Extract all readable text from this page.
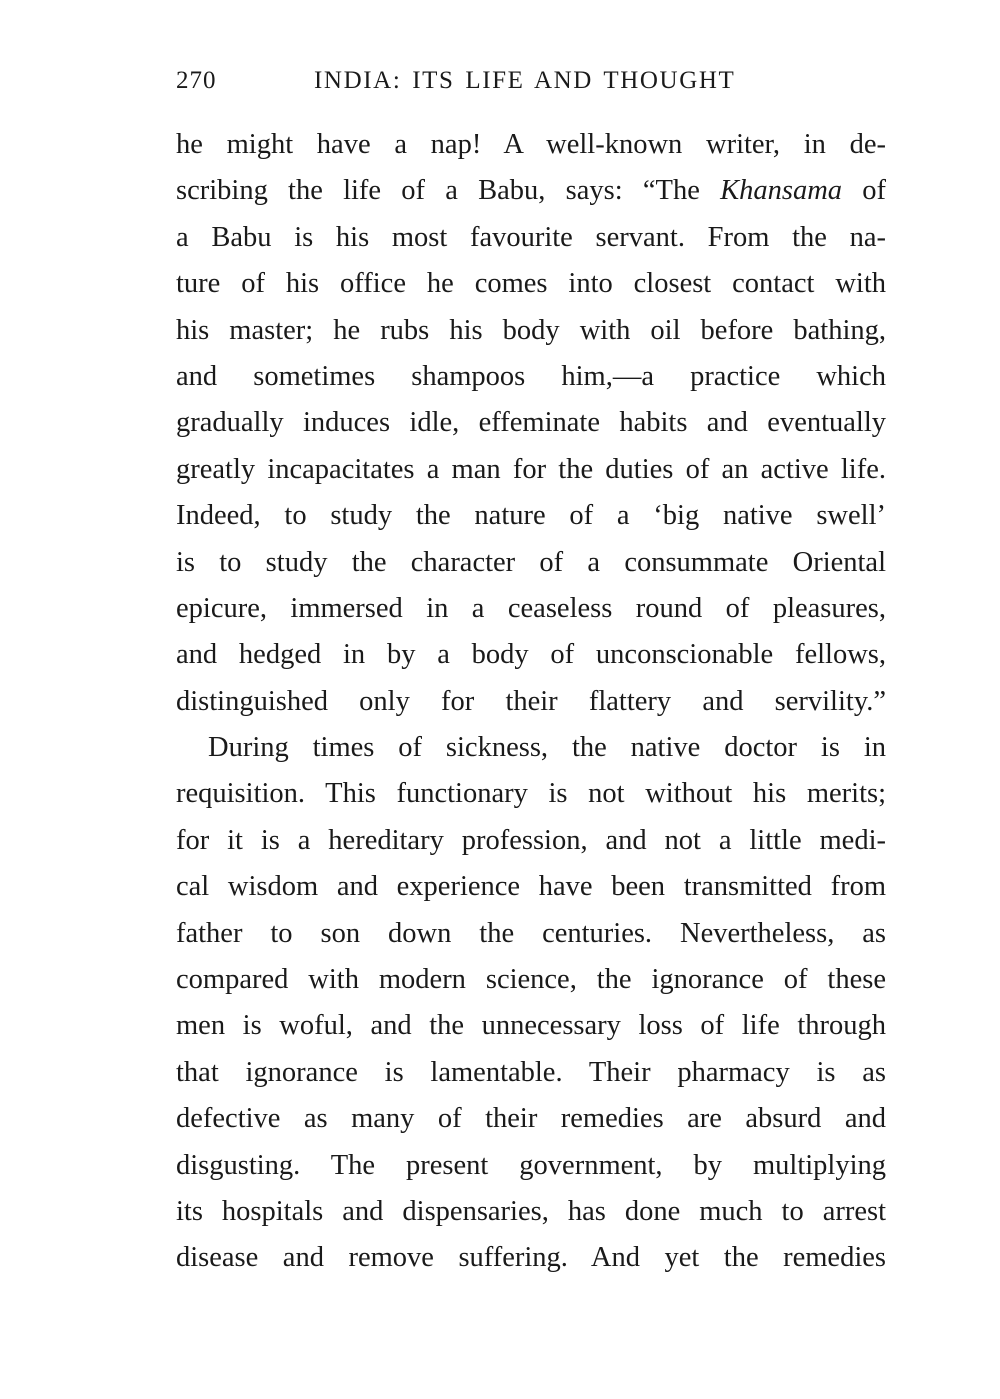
270	INDIA: ITS LIFE AND THOUGHT
he might have a nap! A well-known writer, in de-
scribing the life of a Babu, says: “The Khansama of
a Babu is his most favourite servant. From the na-
ture of his office he comes into closest contact with
his master; he rubs his body with oil before bathing,
and sometimes shampoos him,—a practice which
gradually induces idle, effeminate habits and eventually
greatly incapacitates a man for the duties of an active life.
Indeed, to study the nature of a ‘big native swell’
is to study the character of a consummate Oriental
epicure, immersed in a ceaseless round of pleasures,
and hedged in by a body of unconscionable fellows,
distinguished only for their flattery and servility.”
During times of sickness, the native doctor is in
requisition. This functionary is not without his merits;
for it is a hereditary profession, and not a little medi-
cal wisdom and experience have been transmitted from
father to son down the centuries. Nevertheless, as
compared with modern science, the ignorance of these
men is woful, and the unnecessary loss of life through
that ignorance is lamentable. Their pharmacy is as
defective as many of their remedies are absurd and
disgusting. The present government, by multiplying
its hospitals and dispensaries, has done much to arrest
disease and remove suffering. And yet the remedies
